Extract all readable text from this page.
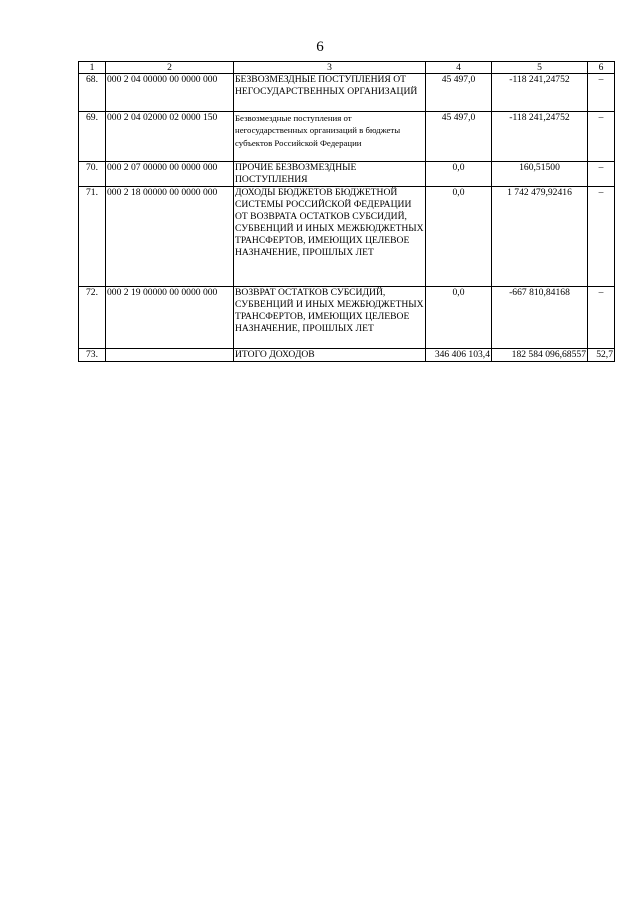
6
1	2	3	4	5	6
68.	000 2 04 00000 00 0000 000	БЕЗВОЗМЕЗДНЫЕ ПОСТУПЛЕНИЯ ОТ НЕГОСУДАРСТВЕННЫХ ОРГАНИЗАЦИЙ	45 497,0	-118 241,24752	–
69.	000 2 04 02000 02 0000 150	Безвозмездные поступления от негосударственных организаций в бюджеты субъектов Российской Федерации	45 497,0	-118 241,24752	–
70.	000 2 07 00000 00 0000 000	ПРОЧИЕ БЕЗВОЗМЕЗДНЫЕ ПОСТУПЛЕНИЯ	0,0	160,51500	–
71.	000 2 18 00000 00 0000 000	ДОХОДЫ БЮДЖЕТОВ БЮДЖЕТНОЙ СИСТЕМЫ РОССИЙСКОЙ ФЕДЕРАЦИИ ОТ ВОЗВРАТА ОСТАТКОВ СУБСИДИЙ, СУБВЕНЦИЙ И ИНЫХ МЕЖБЮДЖЕТНЫХ ТРАНСФЕРТОВ, ИМЕЮЩИХ ЦЕЛЕВОЕ НАЗНАЧЕНИЕ, ПРОШЛЫХ ЛЕТ	0,0	1 742 479,92416	–
72.	000 2 19 00000 00 0000 000	ВОЗВРАТ ОСТАТКОВ СУБСИДИЙ, СУБВЕНЦИЙ И ИНЫХ МЕЖБЮДЖЕТНЫХ ТРАНСФЕРТОВ, ИМЕЮЩИХ ЦЕЛЕВОЕ НАЗНАЧЕНИЕ, ПРОШЛЫХ ЛЕТ	0,0	-667 810,84168	–
73.		ИТОГО ДОХОДОВ	346 406 103,4	182 584 096,68557	52,7
